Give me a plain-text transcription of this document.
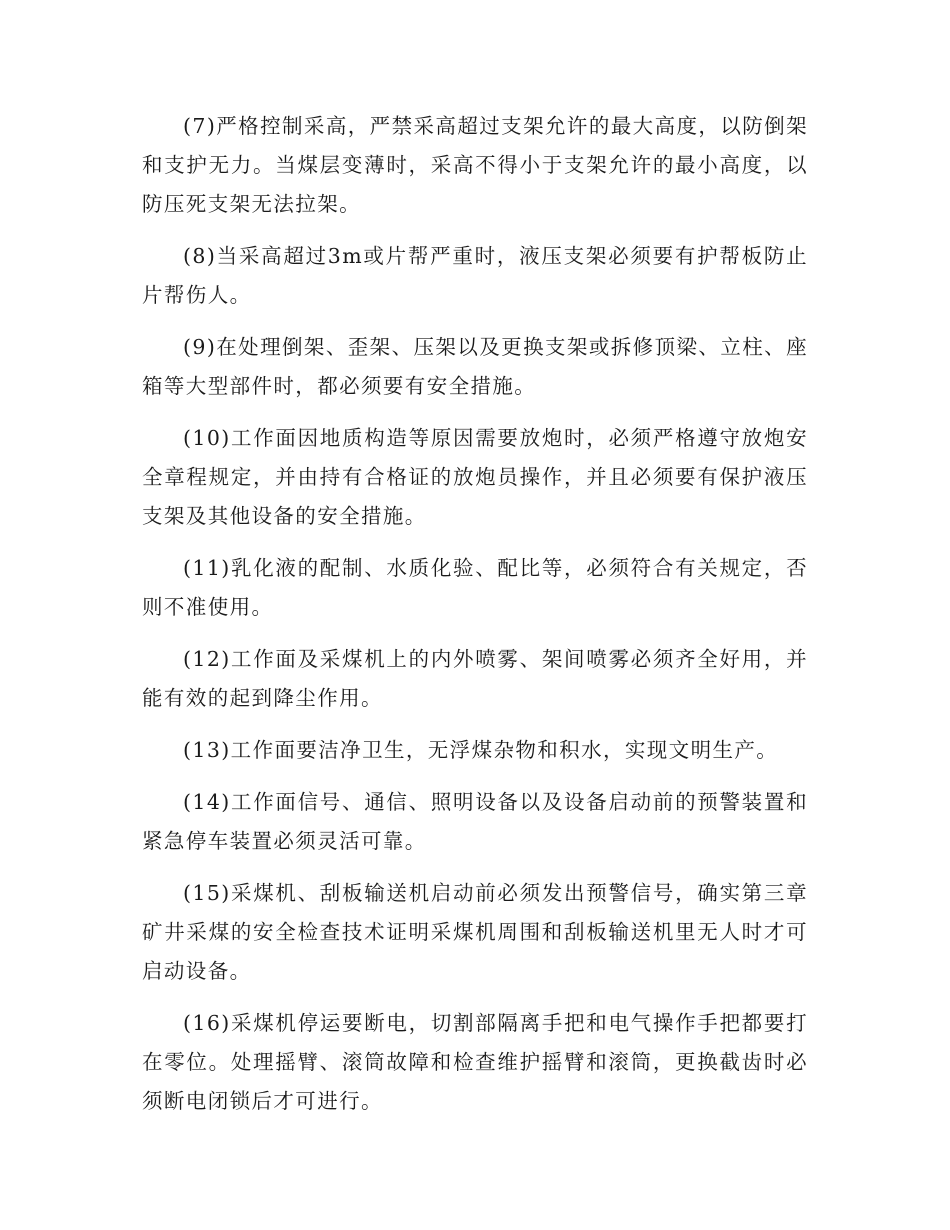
(7)严格控制采高，严禁采高超过支架允许的最大高度，以防倒架和支护无力。当煤层变薄时，采高不得小于支架允许的最小高度，以防压死支架无法拉架。

(8)当采高超过3m或片帮严重时，液压支架必须要有护帮板防止片帮伤人。

(9)在处理倒架、歪架、压架以及更换支架或拆修顶梁、立柱、座箱等大型部件时，都必须要有安全措施。

(10)工作面因地质构造等原因需要放炮时，必须严格遵守放炮安全章程规定，并由持有合格证的放炮员操作，并且必须要有保护液压支架及其他设备的安全措施。

(11)乳化液的配制、水质化验、配比等，必须符合有关规定，否则不准使用。

(12)工作面及采煤机上的内外喷雾、架间喷雾必须齐全好用，并能有效的起到降尘作用。

(13)工作面要洁净卫生，无浮煤杂物和积水，实现文明生产。

(14)工作面信号、通信、照明设备以及设备启动前的预警装置和紧急停车装置必须灵活可靠。

(15)采煤机、刮板输送机启动前必须发出预警信号，确实第三章矿井采煤的安全检查技术证明采煤机周围和刮板输送机里无人时才可启动设备。

(16)采煤机停运要断电，切割部隔离手把和电气操作手把都要打在零位。处理摇臂、滚筒故障和检查维护摇臂和滚筒，更换截齿时必须断电闭锁后才可进行。
